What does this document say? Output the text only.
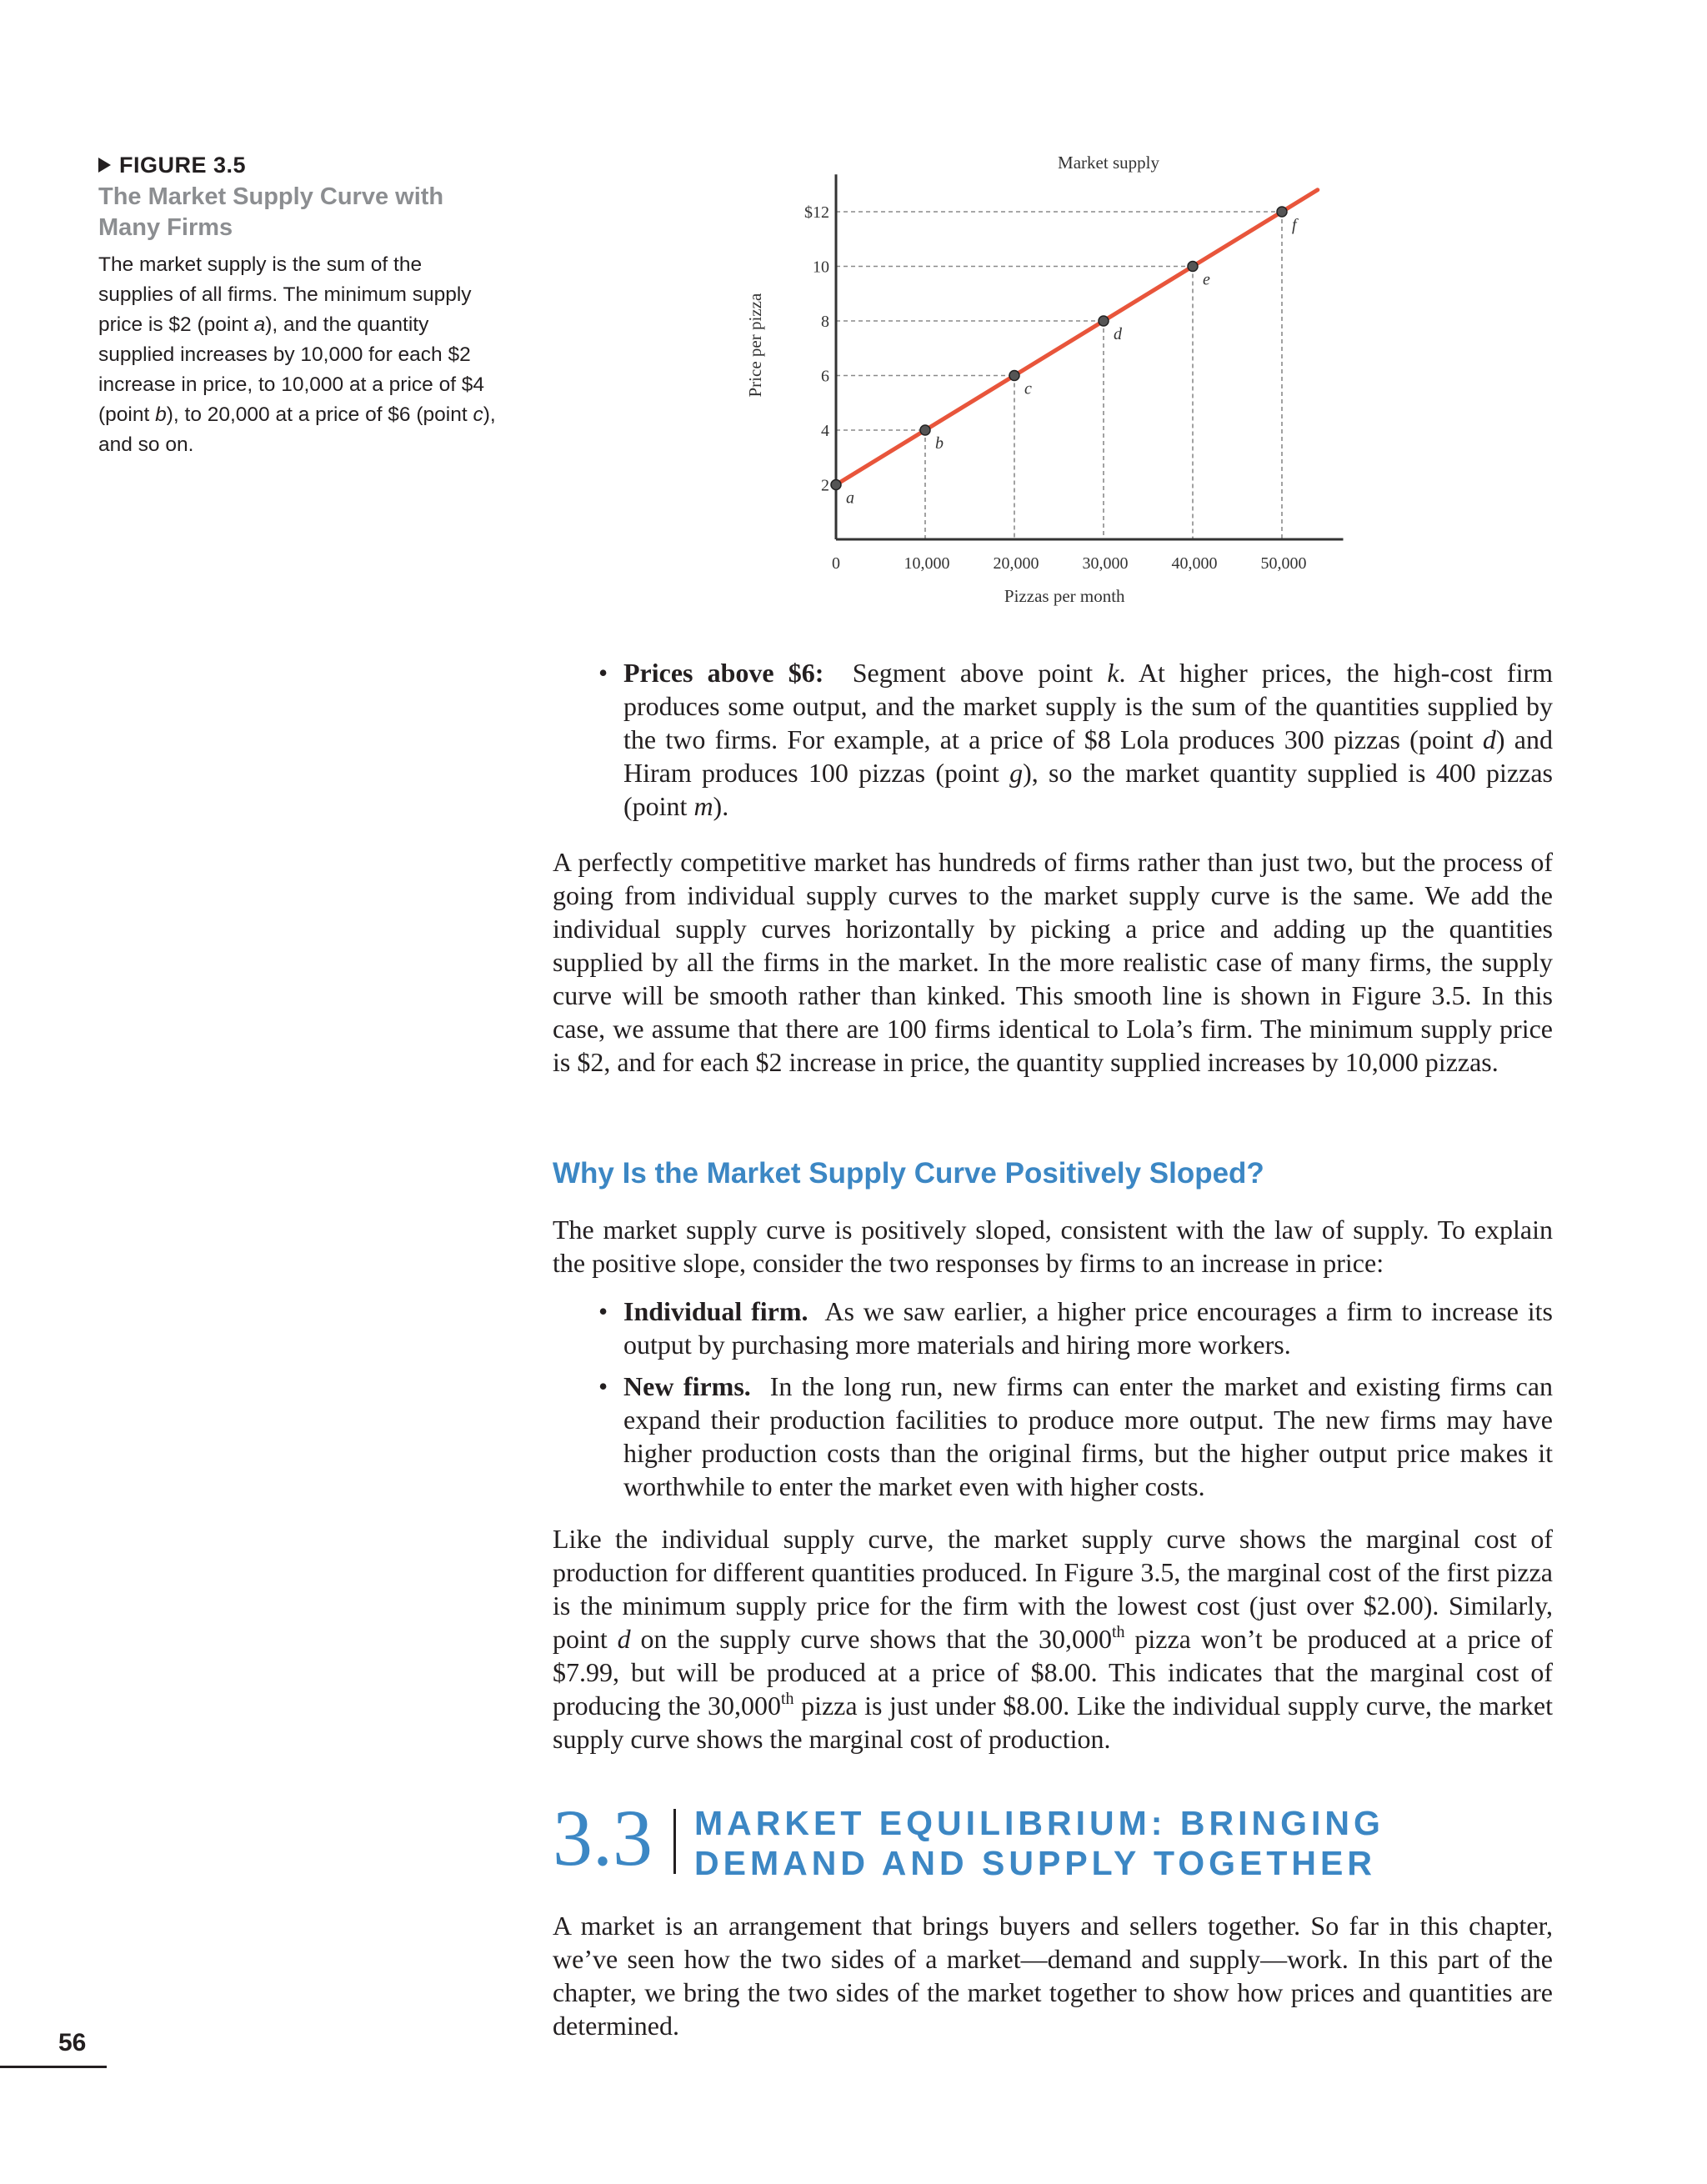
FIGURE 3.5

The Market Supply Curve with Many Firms

The market supply is the sum of the supplies of all firms. The minimum supply price is $2 (point a), and the quantity supplied increases by 10,000 for each $2 increase in price, to 10,000 at a price of $4 (point b), to 20,000 at a price of $6 (point c), and so on.

2
4
6
8
10
$12
0	10,000	20,000	30,000	40,000	50,000
Pizzas per month
Price per pizza
Market supply
a
b
c
d
e
f
• Prices above $6: Segment above point k. At higher prices, the high-cost firm produces some output, and the market supply is the sum of the quantities supplied by the two firms. For example, at a price of $8 Lola produces 300 pizzas (point d) and Hiram produces 100 pizzas (point g), so the market quantity supplied is 400 pizzas (point m).

A perfectly competitive market has hundreds of firms rather than just two, but the process of going from individual supply curves to the market supply curve is the same. We add the individual supply curves horizontally by picking a price and adding up the quantities supplied by all the firms in the market. In the more realistic case of many firms, the supply curve will be smooth rather than kinked. This smooth line is shown in Figure 3.5. In this case, we assume that there are 100 firms identical to Lola’s firm. The minimum supply price is $2, and for each $2 increase in price, the quantity supplied increases by 10,000 pizzas.

Why Is the Market Supply Curve Positively Sloped?

The market supply curve is positively sloped, consistent with the law of supply. To explain the positive slope, consider the two responses by firms to an increase in price:

• Individual firm. As we saw earlier, a higher price encourages a firm to increase its output by purchasing more materials and hiring more workers.

• New firms. In the long run, new firms can enter the market and existing firms can expand their production facilities to produce more output. The new firms may have higher production costs than the original firms, but the higher output price makes it worthwhile to enter the market even with higher costs.

Like the individual supply curve, the market supply curve shows the marginal cost of production for different quantities produced. In Figure 3.5, the marginal cost of the first pizza is the minimum supply price for the firm with the lowest cost (just over $2.00). Similarly, point d on the supply curve shows that the 30,000th pizza won’t be produced at a price of $7.99, but will be produced at a price of $8.00. This indicates that the marginal cost of producing the 30,000th pizza is just under $8.00. Like the individual supply curve, the market supply curve shows the marginal cost of production.

3.3 MARKET EQUILIBRIUM: BRINGING
DEMAND AND SUPPLY TOGETHER

A market is an arrangement that brings buyers and sellers together. So far in this chapter, we’ve seen how the two sides of a market—demand and supply—work. In this part of the chapter, we bring the two sides of the market together to show how prices and quantities are determined.

56
